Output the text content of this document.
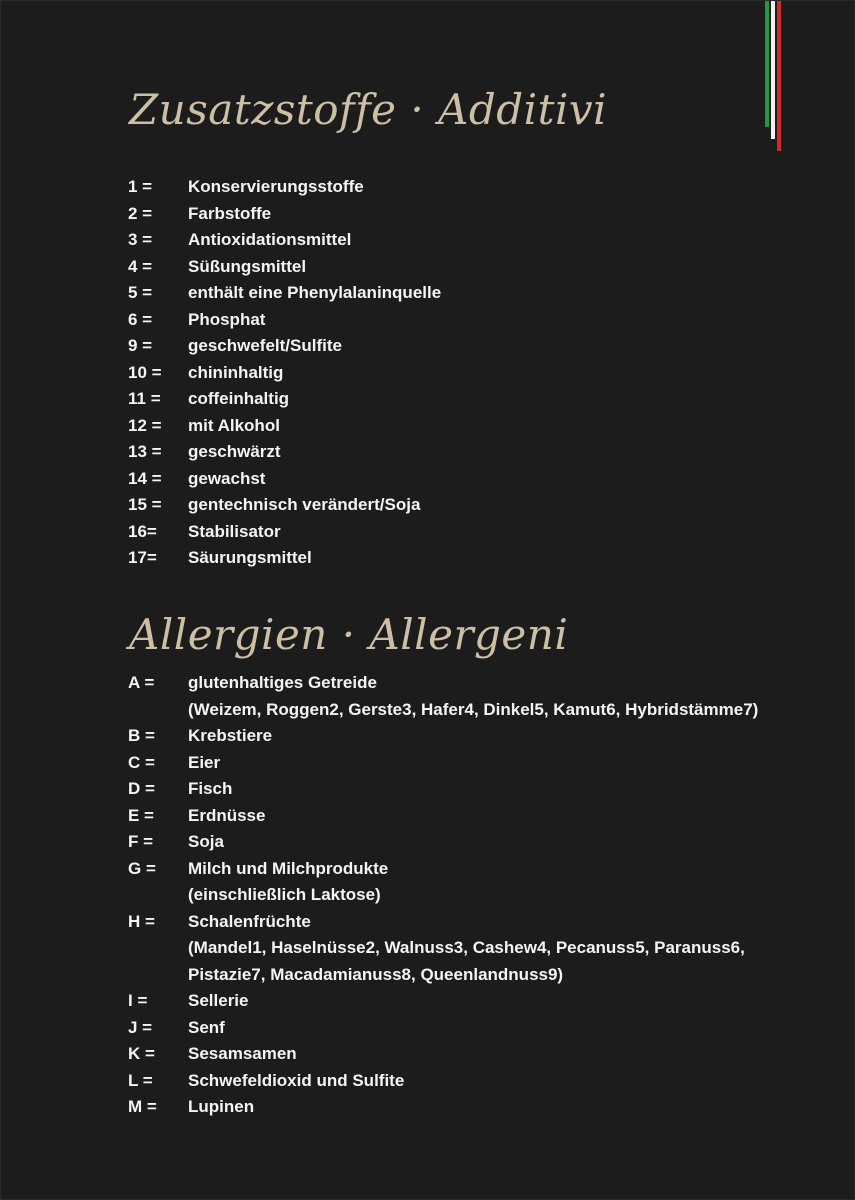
Zusatzstoffe · Additivi
1 =	Konservierungsstoffe
2 =	Farbstoffe
3 =	Antioxidationsmittel
4 =	Süßungsmittel
5 =	enthält eine Phenylalaninquelle
6 =	Phosphat
9 =	geschwefelt/Sulfite
10 =	chininhaltig
11 =	coffeinhaltig
12 =	mit Alkohol
13 =	geschwärzt
14 =	gewachst
15 =	gentechnisch verändert/Soja
16=	Stabilisator
17=	Säurungsmittel
Allergien · Allergeni
A =	glutenhaltiges Getreide
(Weizem, Roggen2, Gerste3, Hafer4, Dinkel5, Kamut6, Hybridstämme7)
B =	Krebstiere
C =	Eier
D =	Fisch
E =	Erdnüsse
F =	Soja
G =	Milch und Milchprodukte
(einschließlich Laktose)
H =	Schalenfrüchte
(Mandel1, Haselnüsse2, Walnuss3, Cashew4, Pecanuss5, Paranuss6,
Pistazie7, Macadamianuss8, Queenlandnuss9)
I =	Sellerie
J =	Senf
K =	Sesamsamen
L =	Schwefeldioxid und Sulfite
M =	Lupinen
